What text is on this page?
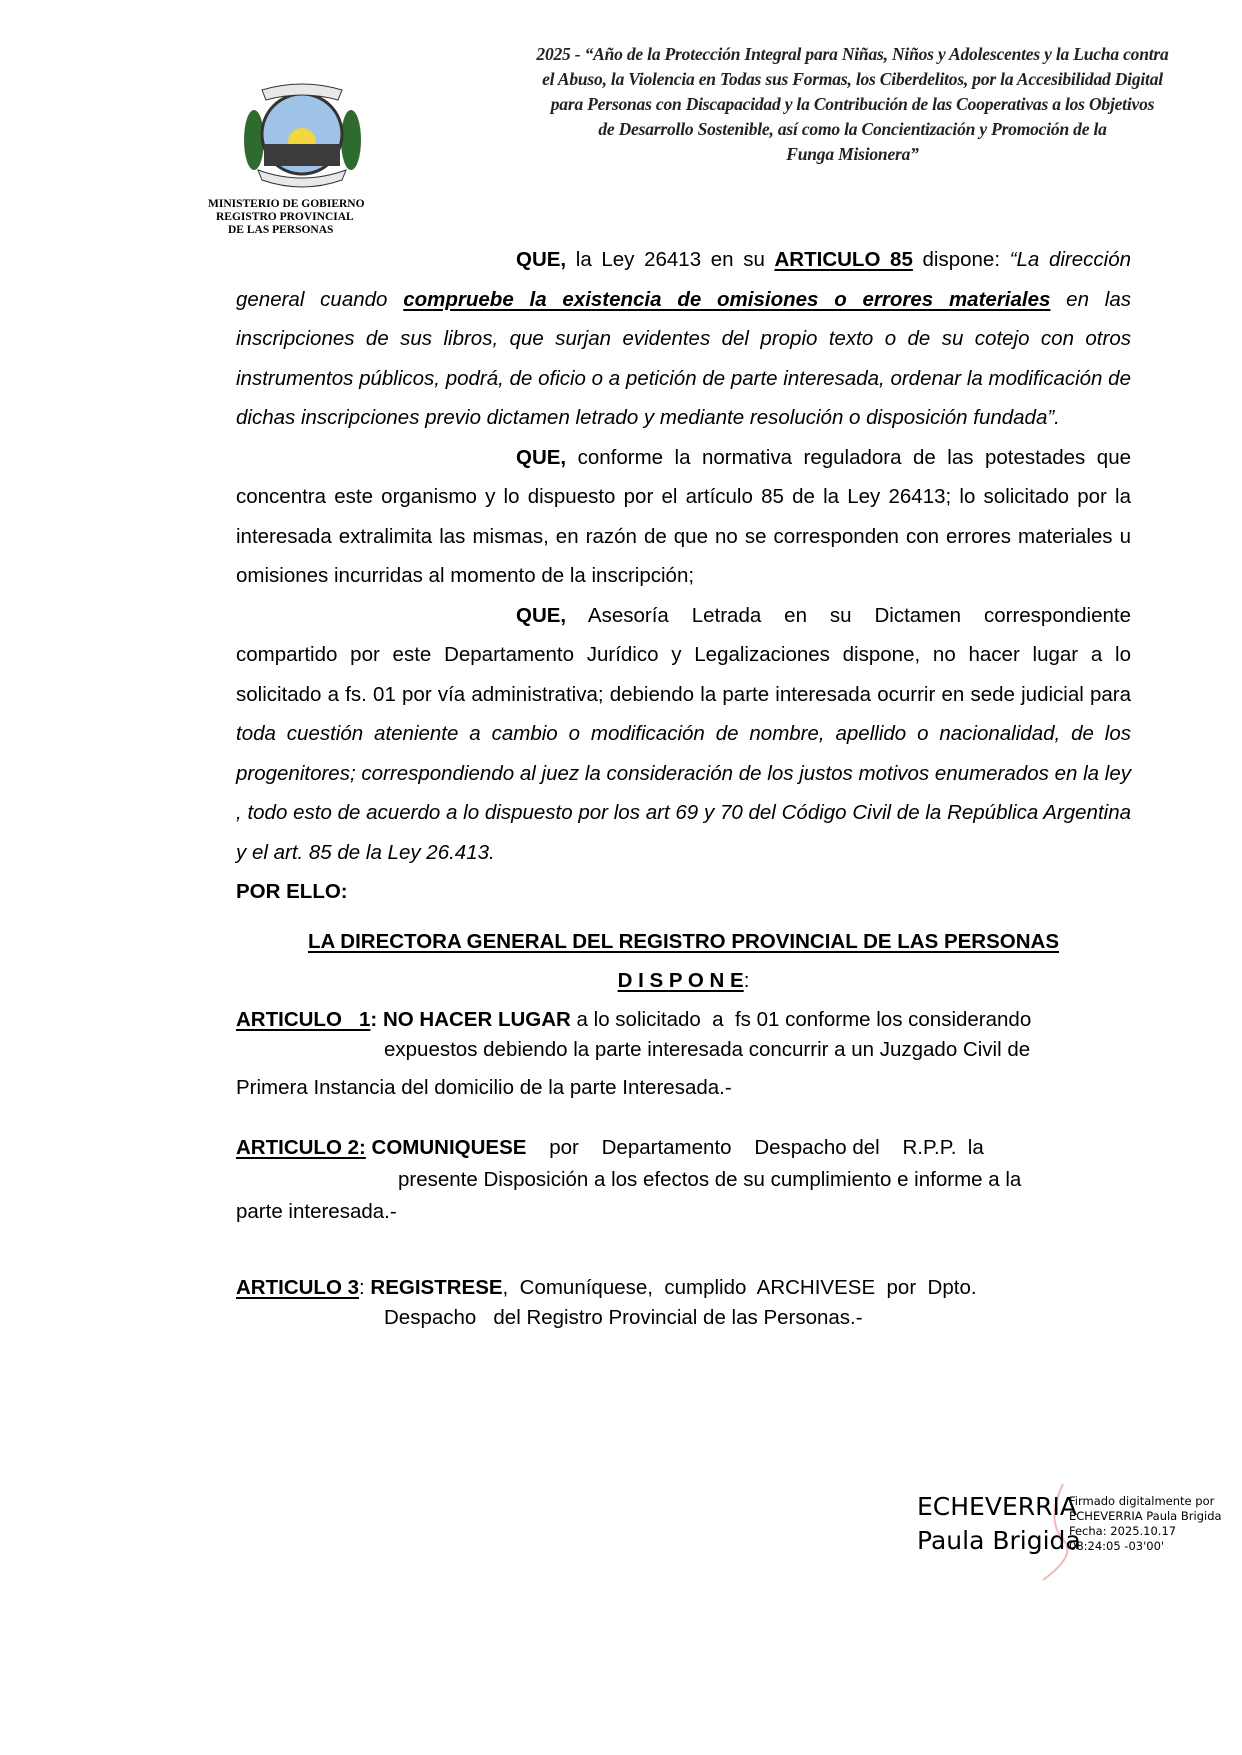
MINISTERIO DE GOBIERNO
REGISTRO PROVINCIAL
DE LAS PERSONAS
2025 - “Año de la Protección Integral para Niñas, Niños y Adolescentes y la Lucha contra
el Abuso, la Violencia en Todas sus Formas, los Ciberdelitos, por la Accesibilidad Digital
para Personas con Discapacidad y la Contribución de las Cooperativas a los Objetivos
de Desarrollo Sostenible, así como la Concientización y Promoción de la
Funga Misionera”

QUE, la Ley 26413 en su ARTICULO 85 dispone: “La dirección general cuando compruebe la existencia de omisiones o errores materiales en las inscripciones de sus libros, que surjan evidentes del propio texto o de su cotejo con otros instrumentos públicos, podrá, de oficio o a petición de parte interesada, ordenar la modificación de dichas inscripciones previo dictamen letrado y mediante resolución o disposición fundada”.

QUE, conforme la normativa reguladora de las potestades que concentra este organismo y lo dispuesto por el artículo 85 de la Ley 26413; lo solicitado por la interesada extralimita las mismas, en razón de que no se corresponden con errores materiales u omisiones incurridas al momento de la inscripción;

QUE, Asesoría Letrada en su Dictamen correspondiente compartido por este Departamento Jurídico y Legalizaciones dispone, no hacer lugar a lo solicitado a fs. 01 por vía administrativa; debiendo la parte interesada ocurrir en sede judicial para toda cuestión ateniente a cambio o modificación de nombre, apellido o nacionalidad, de los progenitores; correspondiendo al juez la consideración de los justos motivos enumerados en la ley , todo esto de acuerdo a lo dispuesto por los art 69 y 70 del Código Civil de la República Argentina y el art. 85 de la Ley 26.413.

POR ELLO:

LA DIRECTORA GENERAL DEL REGISTRO PROVINCIAL DE LAS PERSONAS

D I S P O N E:

ARTICULO   1: NO HACER LUGAR a lo solicitado  a  fs 01 conforme los considerando
expuestos debiendo la parte interesada concurrir a un Juzgado Civil de
Primera Instancia del domicilio de la parte Interesada.-
ARTICULO 2: COMUNIQUESE    por    Departamento    Despacho del    R.P.P.  la
presente Disposición a los efectos de su cumplimiento e informe a la
parte interesada.-
ARTICULO 3: REGISTRESE,  Comuníquese,  cumplido  ARCHIVESE  por  Dpto.
Despacho   del Registro Provincial de las Personas.-
ECHEVERRIA
Paula Brigida
Firmado digitalmente por
ECHEVERRIA Paula Brigida
Fecha: 2025.10.17
08:24:05 -03'00'
